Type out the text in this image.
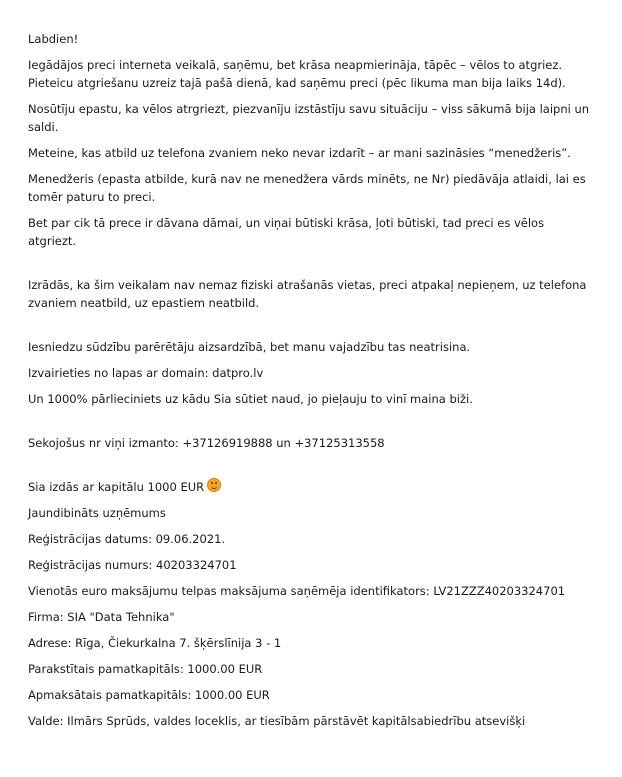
Labdien!

Iegādājos preci interneta veikalā, saņēmu, bet krāsa neapmierināja, tāpēc – vēlos to atgriez. Pieteicu atgriešanu uzreiz tajā pašā dienā, kad saņēmu preci (pēc likuma man bija laiks 14d).

Nosūtīju epastu, ka vēlos atrgriezt, piezvanīju izstāstīju savu situāciju – viss sākumā bija laipni un saldi.

Meteine, kas atbild uz telefona zvaniem neko nevar izdarīt – ar mani sazināsies “menedžeris”.

Menedžeris (epasta atbilde, kurā nav ne menedžera vārds minēts, ne Nr) piedāvāja atlaidi, lai es tomēr paturu to preci.

Bet par cik tā prece ir dāvana dāmai, un viņai būtiski krāsa, ļoti būtiski, tad preci es vēlos atgriezt.

Izrādās, ka šim veikalam nav nemaz fiziski atrašanās vietas, preci atpakaļ nepieņem, uz telefona zvaniem neatbild, uz epastiem neatbild.

Iesniedzu sūdzību parērētāju aizsardzībā, bet manu vajadzību tas neatrisina.

Izvairieties no lapas ar domain: datpro.lv

Un 1000% pārlieciniets uz kādu Sia sūtiet naud, jo pieļauju to vinī maina biži.

Sekojošus nr viņi izmanto: +37126919888 un +37125313558

Sia izdās ar kapitālu 1000 EUR

Jaundibināts uzņēmums

Reģistrācijas datums: 09.06.2021.

Reģistrācijas numurs: 40203324701

Vienotās euro maksājumu telpas maksājuma saņēmēja identifikators: LV21ZZZ40203324701

Firma: SIA "Data Tehnika"

Adrese: Rīga, Čiekurkalna 7. šķērslīnija 3 - 1

Parakstītais pamatkapitāls: 1000.00 EUR

Apmaksātais pamatkapitāls: 1000.00 EUR

Valde: Ilmārs Sprūds, valdes loceklis, ar tiesībām pārstāvēt kapitālsabiedrību atsevišķi
